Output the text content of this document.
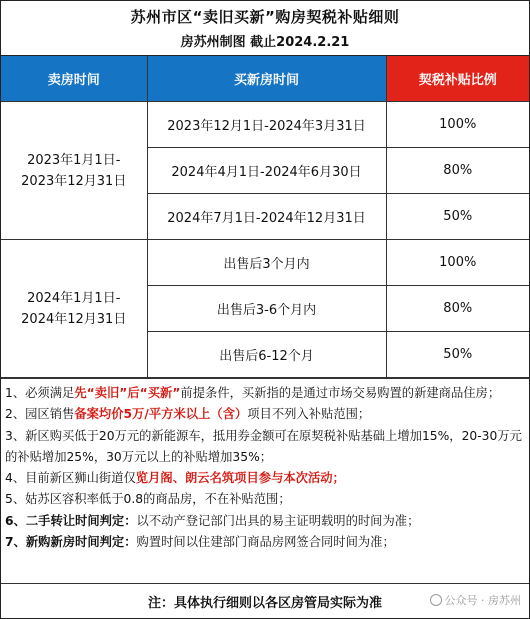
苏州市区“卖旧买新”购房契税补贴细则
房苏州制图 截止2024.2.21
卖房时间	买新房时间	契税补贴比例
2023年1月1日-
2023年12月31日	2023年12月1日-2024年3月31日	100%
	2024年4月1日-2024年6月30日	80%
	2024年7月1日-2024年12月31日	50%
2024年1月1日-
2024年12月31日	出售后3个月内	100%
	出售后3-6个月内	80%
	出售后6-12个月	50%

1、必须满足先“卖旧”后“买新”前提条件，买新指的是通过市场交易购置的新建商品住房；

2、园区销售备案均价5万/平方米以上（含）项目不列入补贴范围；

3、新区购买低于20万元的新能源车，抵用券金额可在原契税补贴基础上增加15%，20-30万元的补贴增加25%，30万元以上的补贴增加35%；

4、目前新区狮山街道仅览月阁、朗云名筑项目参与本次活动；

5、姑苏区容积率低于0.8的商品房，不在补贴范围；

6、二手转让时间判定：以不动产登记部门出具的易主证明载明的时间为准；

7、新购新房时间判定：购置时间以住建部门商品房网签合同时间为准；

注：具体执行细则以各区房管局实际为准	公众号 · 房苏州
